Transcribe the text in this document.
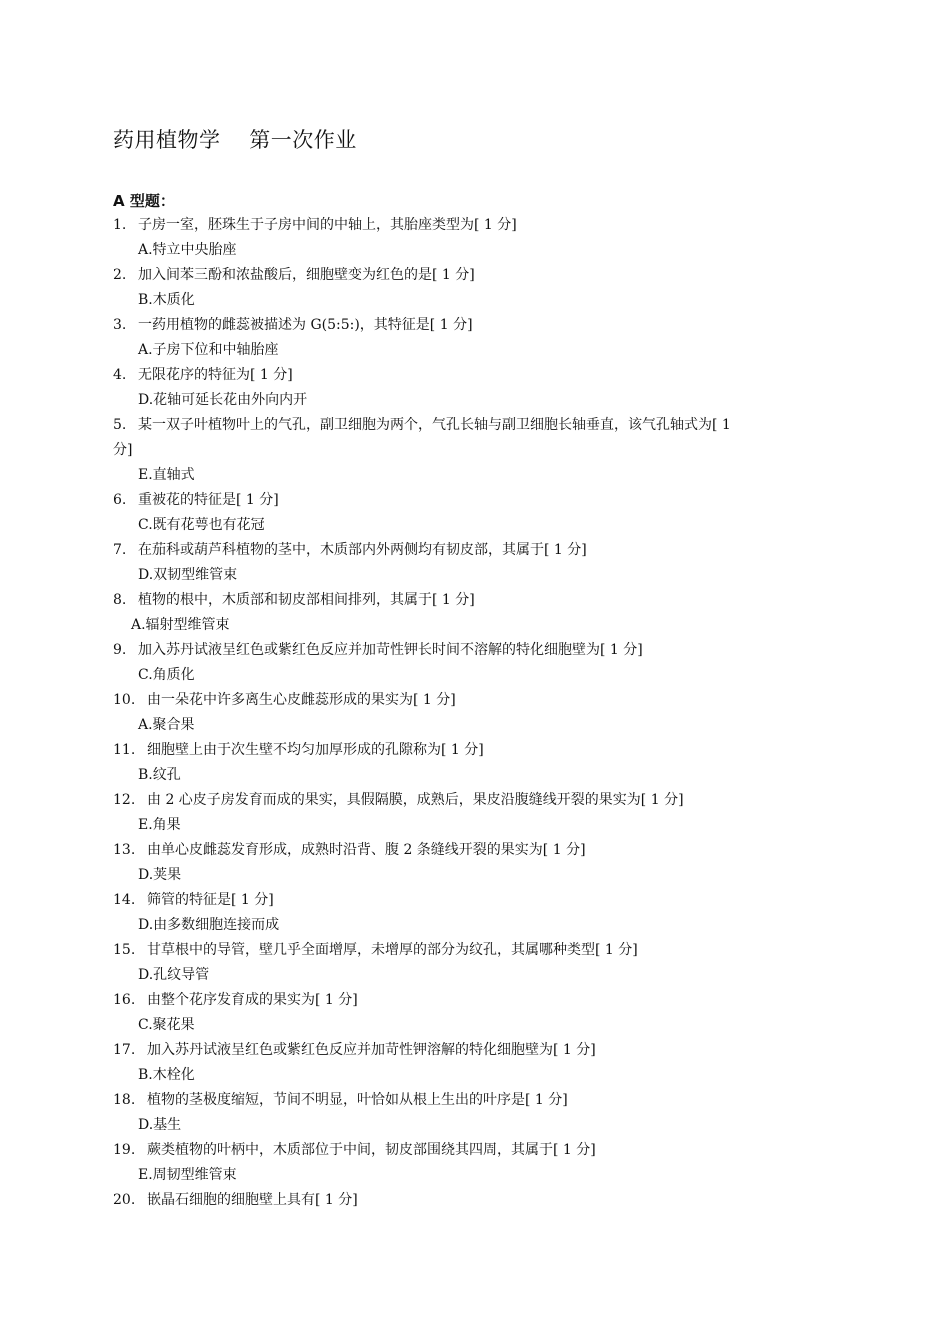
药用植物学    第一次作业
A 型题：
1. 子房一室，胚珠生于子房中间的中轴上，其胎座类型为[ 1 分]
A.特立中央胎座
2. 加入间苯三酚和浓盐酸后，细胞壁变为红色的是[ 1 分]
B.木质化
3. 一药用植物的雌蕊被描述为 G(5:5:)，其特征是[ 1 分]
A.子房下位和中轴胎座
4. 无限花序的特征为[ 1 分]
D.花轴可延长花由外向内开
5. 某一双子叶植物叶上的气孔，副卫细胞为两个，气孔长轴与副卫细胞长轴垂直，该气孔轴式为[ 1
分]
E.直轴式
6. 重被花的特征是[ 1 分]
C.既有花萼也有花冠
7. 在茄科或葫芦科植物的茎中，木质部内外两侧均有韧皮部，其属于[ 1 分]
D.双韧型维管束
8. 植物的根中，木质部和韧皮部相间排列，其属于[ 1 分]
A.辐射型维管束
9. 加入苏丹试液呈红色或紫红色反应并加苛性钾长时间不溶解的特化细胞壁为[ 1 分]
C.角质化
10. 由一朵花中许多离生心皮雌蕊形成的果实为[ 1 分]
A.聚合果
11. 细胞壁上由于次生壁不均匀加厚形成的孔隙称为[ 1 分]
B.纹孔
12. 由 2 心皮子房发育而成的果实，具假隔膜，成熟后，果皮沿腹缝线开裂的果实为[ 1 分]
E.角果
13. 由单心皮雌蕊发育形成，成熟时沿背、腹 2 条缝线开裂的果实为[ 1 分]
D.荚果
14. 筛管的特征是[ 1 分]
D.由多数细胞连接而成
15. 甘草根中的导管，壁几乎全面增厚，未增厚的部分为纹孔，其属哪种类型[ 1 分]
D.孔纹导管
16. 由整个花序发育成的果实为[ 1 分]
C.聚花果
17. 加入苏丹试液呈红色或紫红色反应并加苛性钾溶解的特化细胞壁为[ 1 分]
B.木栓化
18. 植物的茎极度缩短，节间不明显，叶恰如从根上生出的叶序是[ 1 分]
D.基生
19. 蕨类植物的叶柄中，木质部位于中间，韧皮部围绕其四周，其属于[ 1 分]
E.周韧型维管束
20. 嵌晶石细胞的细胞壁上具有[ 1 分]
